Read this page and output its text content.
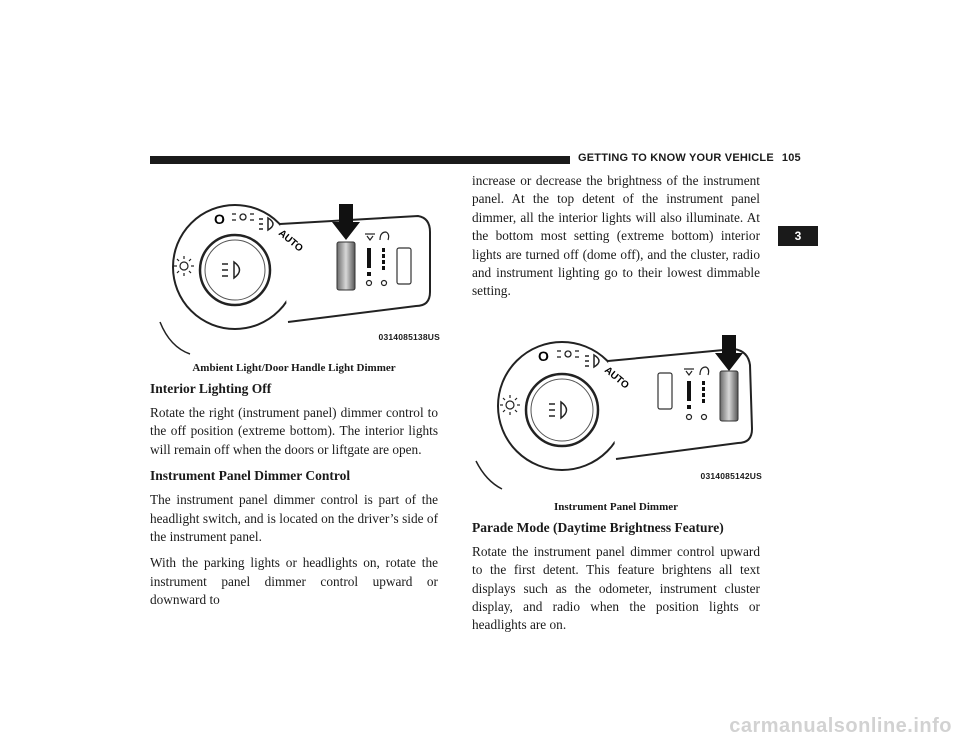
GETTING TO KNOW YOUR VEHICLE 105
3
O
AUTO
0314085138US
Ambient Light/Door Handle Light Dimmer
Interior Lighting Off

Rotate the right (instrument panel) dimmer control to the off position (extreme bottom). The interior lights will remain off when the doors or liftgate are open.

Instrument Panel Dimmer Control

The instrument panel dimmer control is part of the headlight switch, and is located on the driver’s side of the instrument panel.

With the parking lights or headlights on, rotate the instrument panel dimmer control upward or downward to

increase or decrease the brightness of the instrument panel. At the top detent of the instrument panel dimmer, all the interior lights will also illuminate. At the bottom most setting (extreme bottom) interior lights are turned off (dome off), and the cluster, radio and instrument lighting go to their lowest dimmable setting.

O
AUTO
0314085142US
Instrument Panel Dimmer
Parade Mode (Daytime Brightness Feature)

Rotate the instrument panel dimmer control upward to the first detent. This feature brightens all text displays such as the odometer, instrument cluster display, and radio when the position lights or headlights are on.

carmanualsonline.info
